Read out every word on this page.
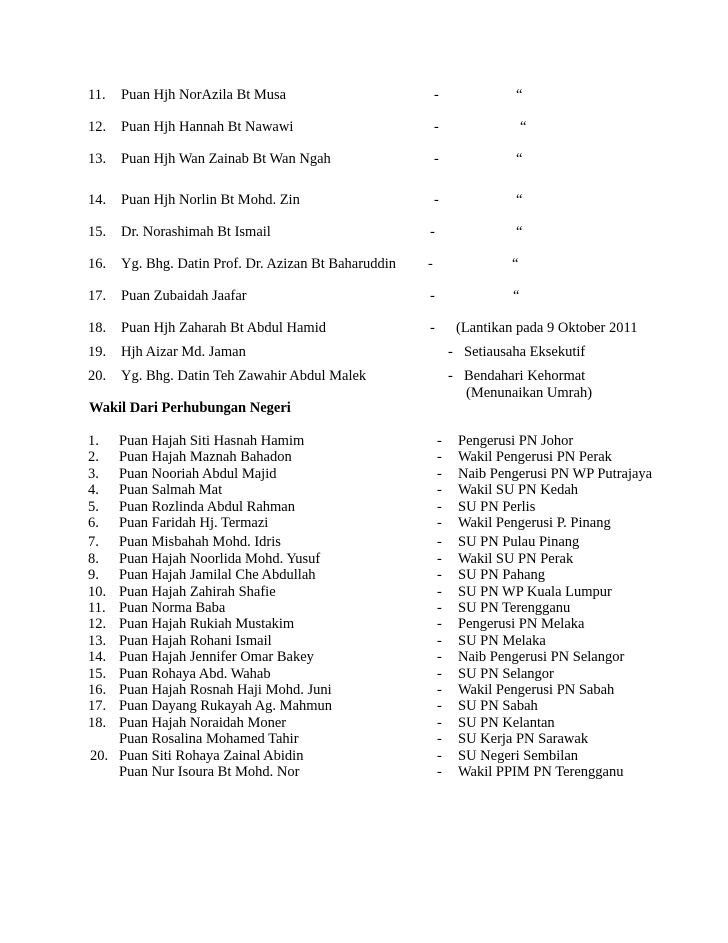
11. Puan Hjh NorAzila Bt Musa	-	“
12. Puan Hjh Hannah Bt Nawawi	-	“
13. Puan Hjh Wan Zainab Bt Wan Ngah	-	“
14. Puan Hjh Norlin Bt Mohd. Zin	-	“
15. Dr. Norashimah Bt Ismail	-	“
16. Yg. Bhg. Datin Prof. Dr. Azizan Bt Baharuddin -	“
17. Puan Zubaidah Jaafar	-	“
18. Puan Hjh Zaharah Bt Abdul Hamid	- (Lantikan pada 9 Oktober 2011
19. Hjh Aizar Md. Jaman	- Setiausaha Eksekutif
20. Yg. Bhg. Datin Teh Zawahir Abdul Malek	- Bendahari Kehormat
(Menunaikan Umrah)
Wakil Dari Perhubungan Negeri
1. Puan Hajah Siti Hasnah Hamim	- Pengerusi PN Johor
2. Puan Hajah Maznah Bahadon	- Wakil Pengerusi PN Perak
3. Puan Nooriah Abdul Majid	- Naib Pengerusi PN WP Putrajaya
4. Puan Salmah Mat	- Wakil SU PN Kedah
5. Puan Rozlinda Abdul Rahman	- SU PN Perlis
6. Puan Faridah Hj. Termazi	- Wakil Pengerusi P. Pinang
7. Puan Misbahah Mohd. Idris	- SU PN Pulau Pinang
8. Puan Hajah Noorlida Mohd. Yusuf	- Wakil SU PN Perak
9. Puan Hajah Jamilal Che Abdullah	- SU PN Pahang
10. Puan Hajah Zahirah Shafie	- SU PN WP Kuala Lumpur
11. Puan Norma Baba	- SU PN Terengganu
12. Puan Hajah Rukiah Mustakim	- Pengerusi PN Melaka
13. Puan Hajah Rohani Ismail	- SU PN Melaka
14. Puan Hajah Jennifer Omar Bakey	- Naib Pengerusi PN Selangor
15. Puan Rohaya Abd. Wahab	- SU PN Selangor
16. Puan Hajah Rosnah Haji Mohd. Juni	- Wakil Pengerusi PN Sabah
17. Puan Dayang Rukayah Ag. Mahmun	- SU PN Sabah
18. Puan Hajah Noraidah Moner	- SU PN Kelantan
Puan Rosalina Mohamed Tahir	- SU Kerja PN Sarawak
20. Puan Siti Rohaya Zainal Abidin	- SU Negeri Sembilan
Puan Nur Isoura Bt Mohd. Nor	- Wakil PPIM PN Terengganu
